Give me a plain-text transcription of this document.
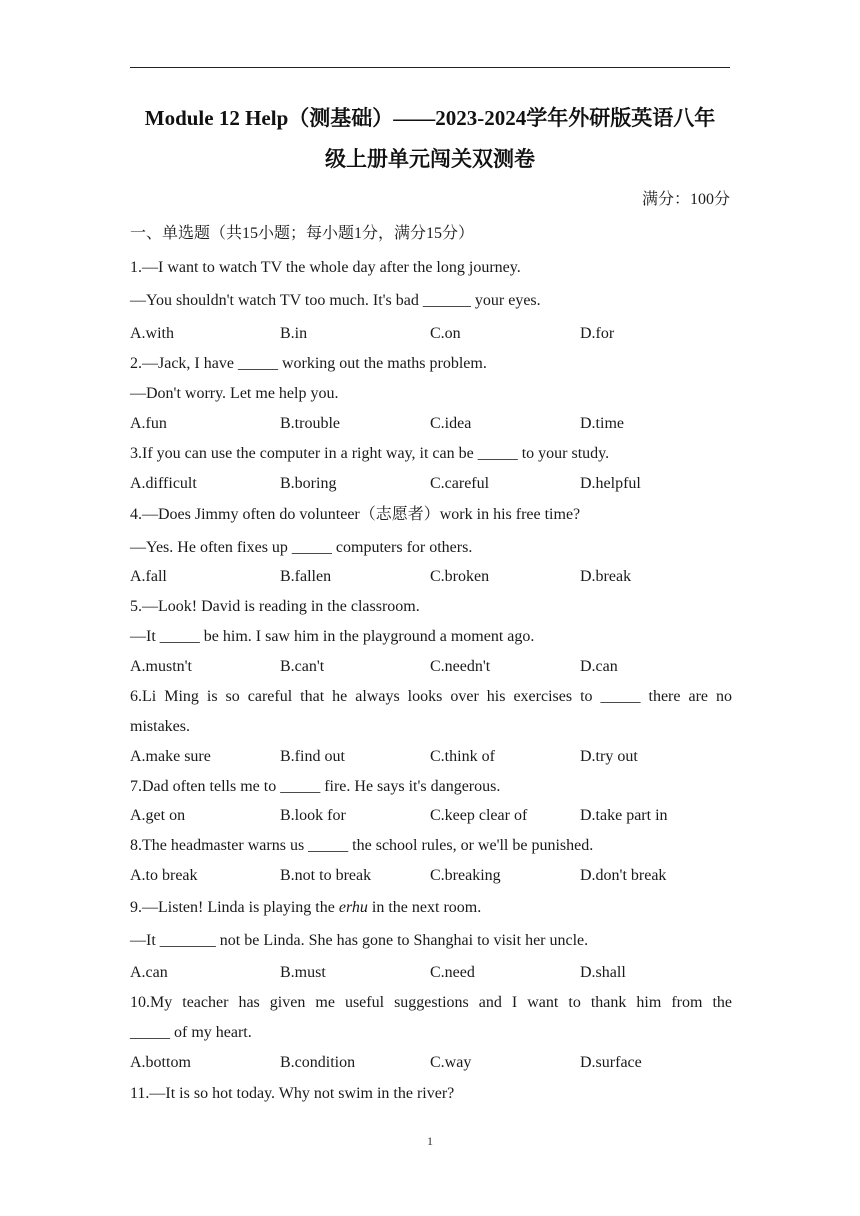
Module 12 Help（测基础）——2023-2024学年外研版英语八年
级上册单元闯关双测卷
满分：100分
一、单选题（共15小题；每小题1分，满分15分）
1.—I want to watch TV the whole day after the long journey.
—You shouldn't watch TV too much. It's bad ______ your eyes.
A.with	B.in	C.on	D.for
2.—Jack, I have _____ working out the maths problem.
—Don't worry. Let me help you.
A.fun	B.trouble	C.idea	D.time
3.If you can use the computer in a right way, it can be _____ to your study.
A.difficult	B.boring	C.careful	D.helpful
4.—Does Jimmy often do volunteer（志愿者）work in his free time?
—Yes. He often fixes up _____ computers for others.
A.fall	B.fallen	C.broken	D.break
5.—Look! David is reading in the classroom.
—It _____ be him. I saw him in the playground a moment ago.
A.mustn't	B.can't	C.needn't	D.can
6.Li Ming is so careful that he always looks over his exercises to _____ there are no
mistakes.
A.make sure	B.find out	C.think of	D.try out
7.Dad often tells me to _____ fire. He says it's dangerous.
A.get on	B.look for	C.keep clear of	D.take part in
8.The headmaster warns us _____ the school rules, or we'll be punished.
A.to break	B.not to break	C.breaking	D.don't break
9.—Listen! Linda is playing the erhu in the next room.
—It _______ not be Linda. She has gone to Shanghai to visit her uncle.
A.can	B.must	C.need	D.shall
10.My teacher has given me useful suggestions and I want to thank him from the
_____ of my heart.
A.bottom	B.condition	C.way	D.surface
11.—It is so hot today. Why not swim in the river?
1
